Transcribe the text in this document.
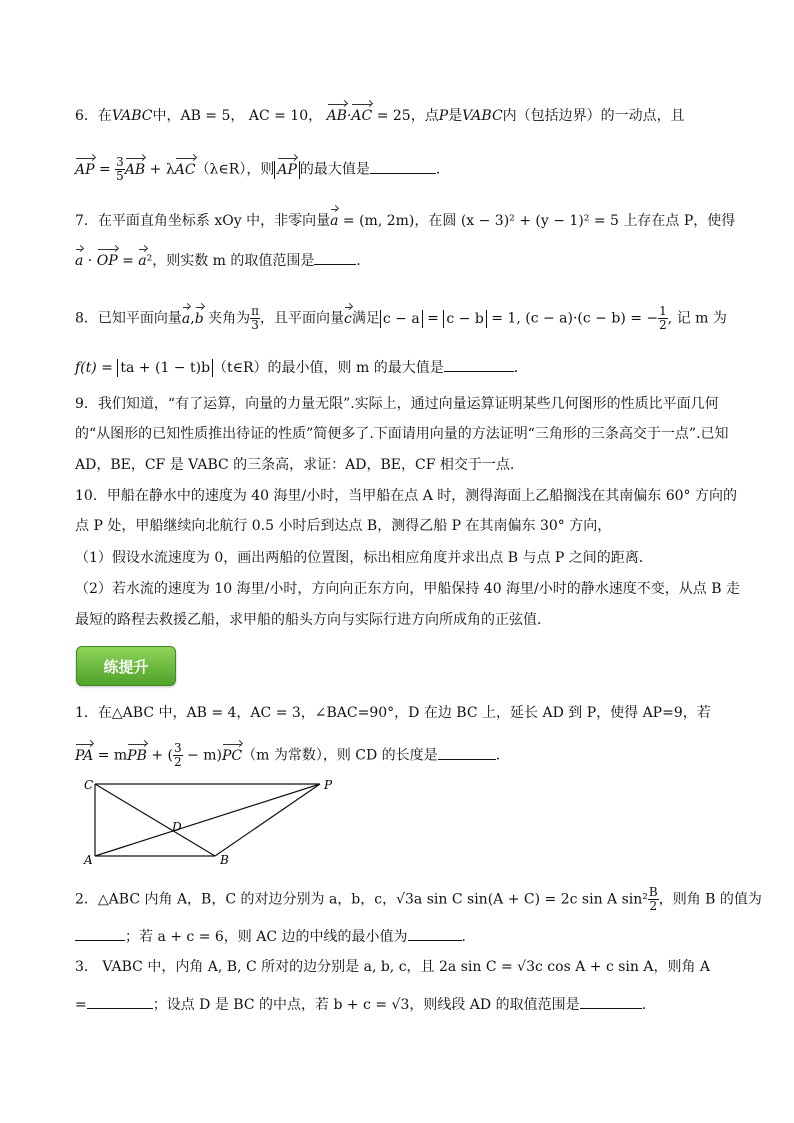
6．在VABC中，AB = 5， AC = 10， AB·AC = 25，点P是VABC内（包括边界）的一动点，且
AP = $\frac{3}{5}$ AB + λAC（λ∈R），则 AP 的最大值是	．
7．在平面直角坐标系 xOy 中，非零向量a = (m, 2m)，在圆 (x − 3)² + (y − 1)² = 5 上存在点 P，使得
a · OP = a²，则实数 m 的取值范围是	．
8．已知平面向量a,b 夹角为 $\frac{\pi}{3}$ ，且平面向量c满足 c − a = c − b = 1, (c − a)·(c − b) = − $\frac{1}{2}$ , 记 m 为
f(t) = ta + (1 − t)b （t∈R）的最小值，则 m 的最大值是	．
9．我们知道，“有了运算，向量的力量无限”.实际上，通过向量运算证明某些几何图形的性质比平面几何
的“从图形的已知性质推出待证的性质”简便多了.下面请用向量的方法证明“三角形的三条高交于一点”.已知
AD，BE，CF 是 VABC 的三条高，求证：AD，BE，CF 相交于一点.
10．甲船在静水中的速度为 40 海里/小时，当甲船在点 A 时，测得海面上乙船搁浅在其南偏东 60° 方向的
点 P 处，甲船继续向北航行 0.5 小时后到达点 B，测得乙船 P 在其南偏东 30° 方向，
（1）假设水流速度为 0，画出两船的位置图，标出相应角度并求出点 B 与点 P 之间的距离．
（2）若水流的速度为 10 海里/小时，方向向正东方向，甲船保持 40 海里/小时的静水速度不变，从点 B 走
最短的路程去救援乙船，求甲船的船头方向与实际行进方向所成角的正弦值．
练提升
1．在△ABC 中，AB = 4，AC = 3，∠BAC=90°，D 在边 BC 上，延长 AD 到 P，使得 AP=9，若
PA = mPB + ( $\frac{3}{2} - m)PC(m$ 为常数），则 CD 的长度是	．
C	P
D
A	B
2．△ABC 内角 A，B，C 的对边分别为 a，b，c，√3a sin C sin(A + C) = 2c sin A $\sin^2 \frac{B}{2}$ ，则角 B 的值为
；若 a + c = 6，则 AC 边的中线的最小值为	．
3． VABC 中，内角 A, B, C 所对的边分别是 a, b, c，且 2a sin C = √3c cos A + c sin A，则角 A
=	；设点 D 是 BC 的中点，若 b + c = √3，则线段 AD 的取值范围是	.
